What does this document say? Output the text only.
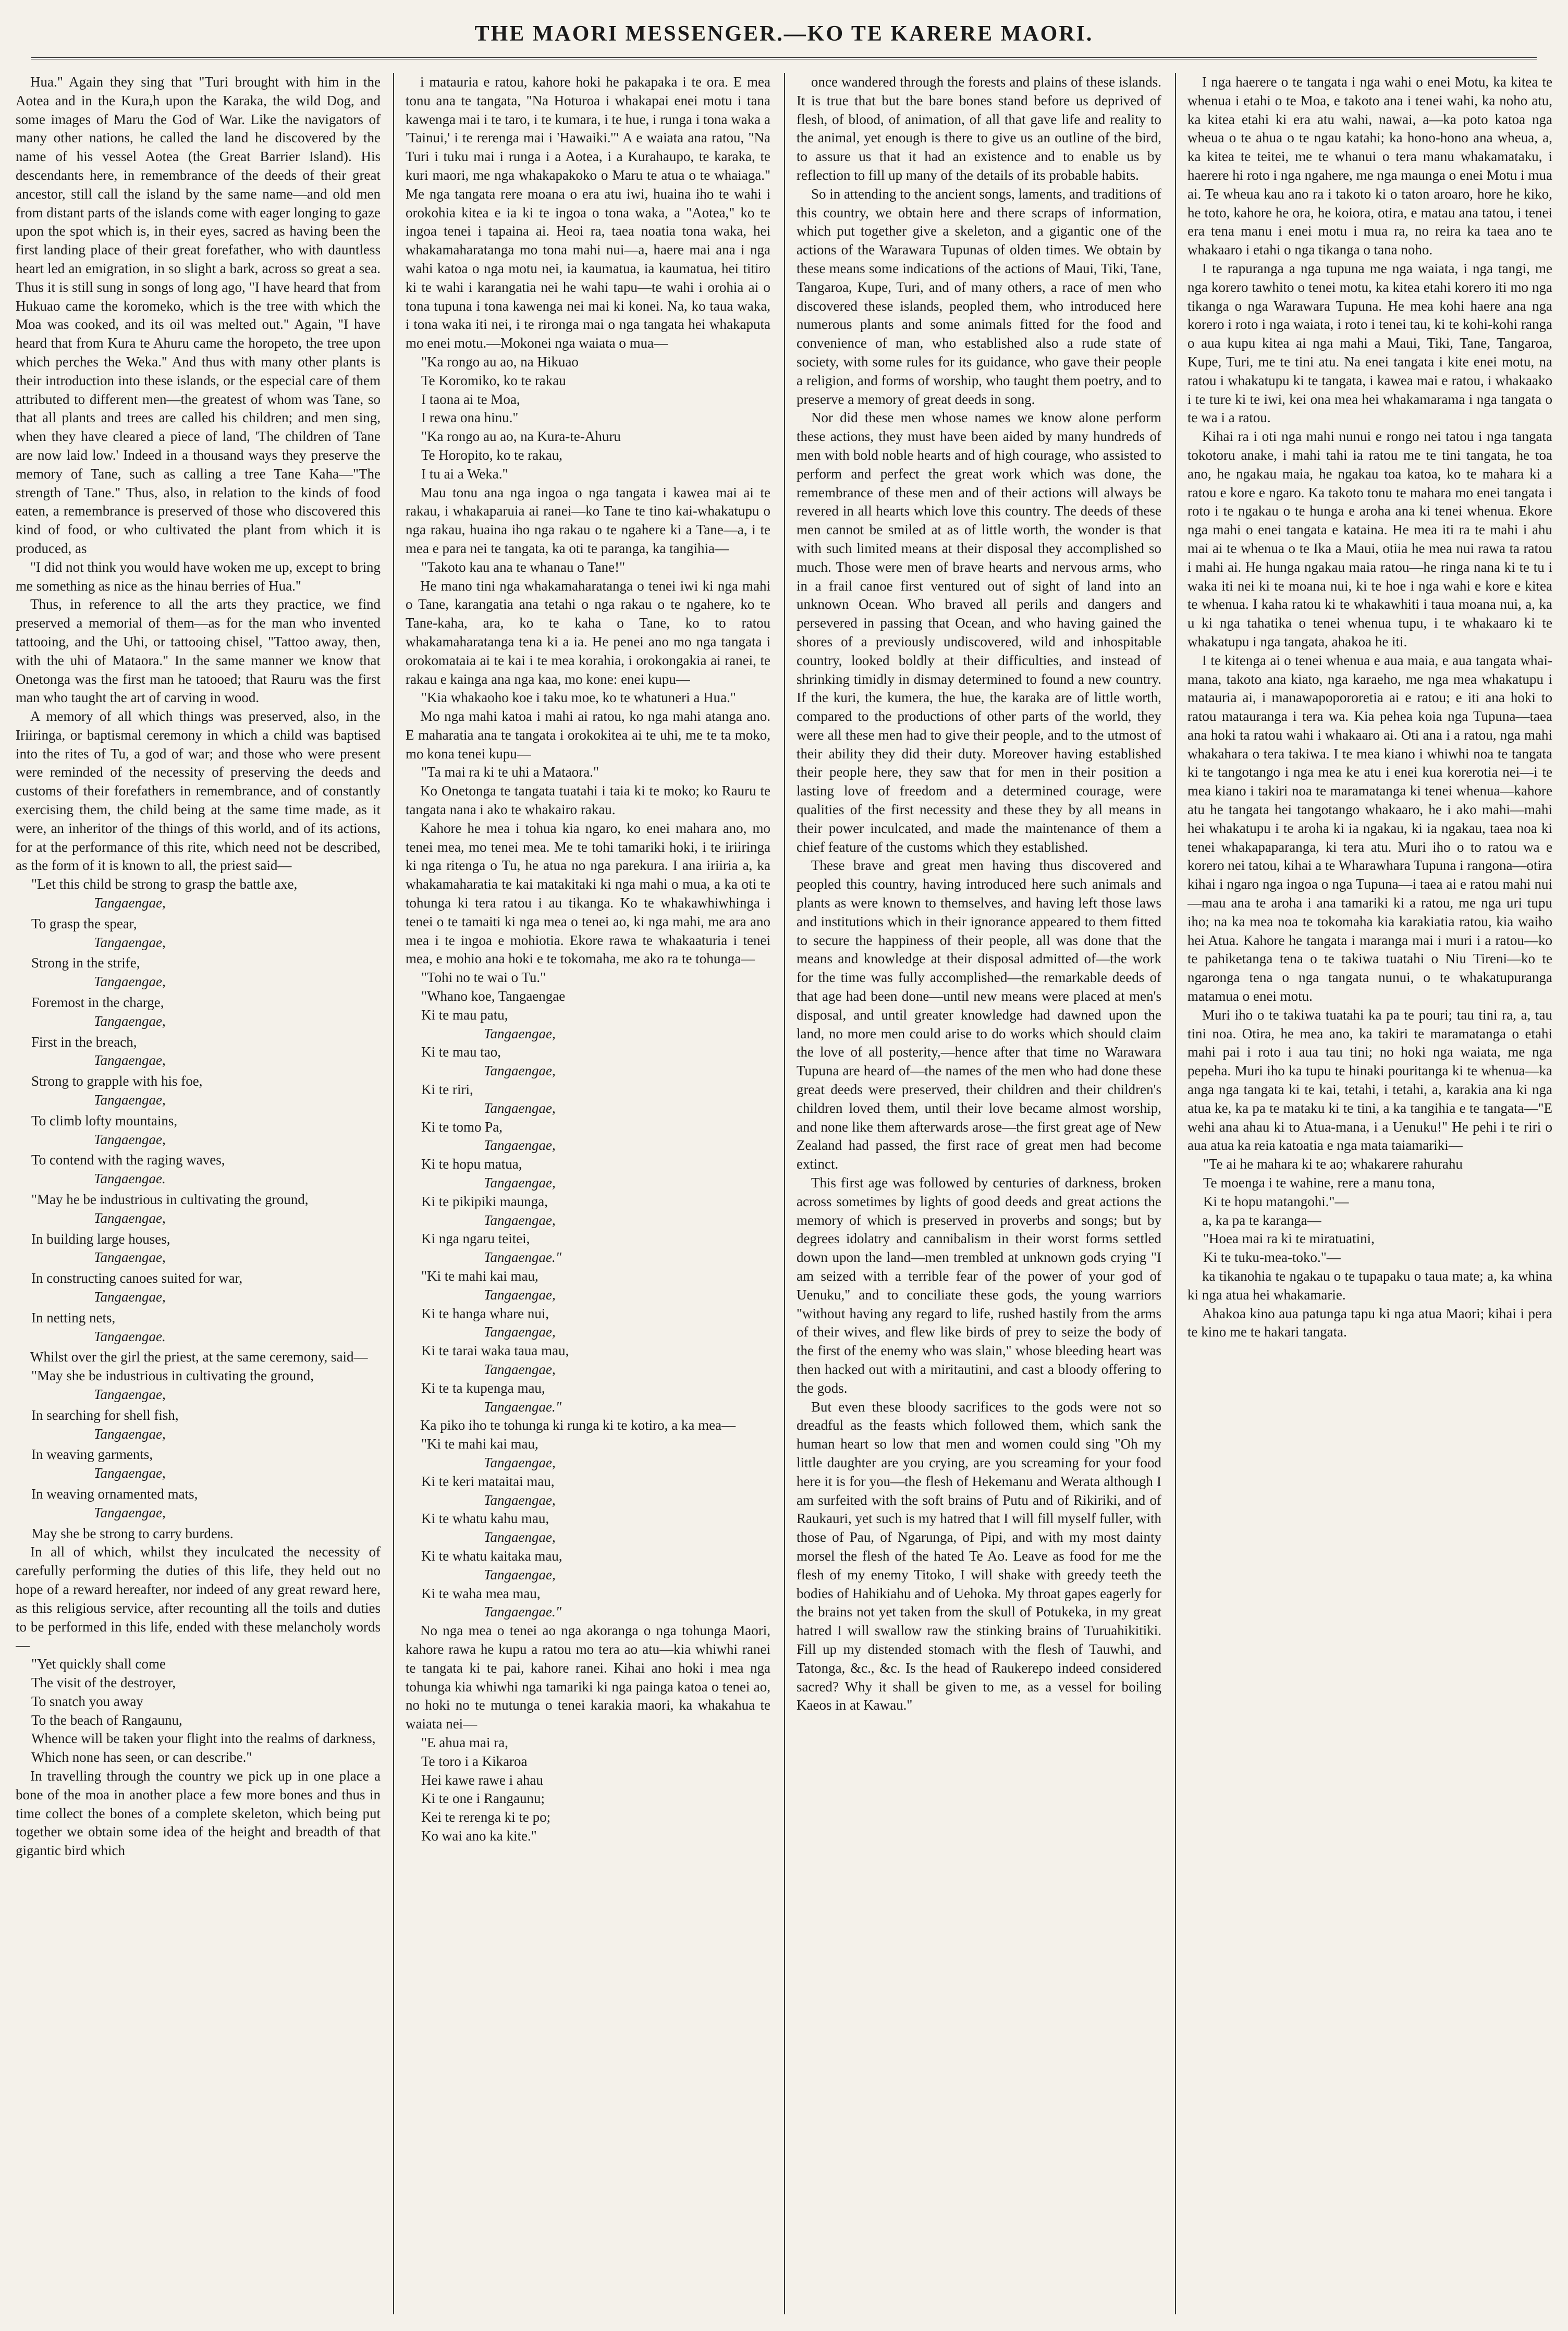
THE MAORI MESSENGER.—KO TE KARERE MAORI.

Hua." Again they sing that "Turi brought with him in the Aotea and in the Kura,h upon the Karaka, the wild Dog, and some images of Maru the God of War. Like the navigators of many other nations, he called the land he discovered by the name of his vessel Aotea (the Great Barrier Island). His descendants here, in remembrance of the deeds of their great ancestor, still call the island by the same name—and old men from distant parts of the islands come with eager longing to gaze upon the spot which is, in their eyes, sacred as having been the first landing place of their great forefather, who with dauntless heart led an emigration, in so slight a bark, across so great a sea. Thus it is still sung in songs of long ago, "I have heard that from Hukuao came the koromeko, which is the tree with which the Moa was cooked, and its oil was melted out." Again, "I have heard that from Kura te Ahuru came the horopeto, the tree upon which perches the Weka." And thus with many other plants is their introduction into these islands, or the especial care of them attributed to different men—the greatest of whom was Tane, so that all plants and trees are called his children; and men sing, when they have cleared a piece of land, 'The children of Tane are now laid low.' Indeed in a thousand ways they preserve the memory of Tane, such as calling a tree Tane Kaha—"The strength of Tane." Thus, also, in relation to the kinds of food eaten, a remembrance is preserved of those who discovered this kind of food, or who cultivated the plant from which it is produced, as

"I did not think you would have woken me up, except to bring me something as nice as the hinau berries of Hua."

Thus, in reference to all the arts they practice, we find preserved a memorial of them—as for the man who invented tattooing, and the Uhi, or tattooing chisel, "Tattoo away, then, with the uhi of Mataora." In the same manner we know that Onetonga was the first man he tatooed; that Rauru was the first man who taught the art of carving in wood.

A memory of all which things was preserved, also, in the Iriiringa, or baptismal ceremony in which a child was baptised into the rites of Tu, a god of war; and those who were present were reminded of the necessity of preserving the deeds and customs of their forefathers in remembrance, and of constantly exercising them, the child being at the same time made, as it were, an inheritor of the things of this world, and of its actions, for at the performance of this rite, which need not be described, as the form of it is known to all, the priest said—

"Let this child be strong to grasp the battle axe,

Tangaengae,

To grasp the spear,

Tangaengae,

Strong in the strife,

Tangaengae,

Foremost in the charge,

Tangaengae,

First in the breach,

Tangaengae,

Strong to grapple with his foe,

Tangaengae,

To climb lofty mountains,

Tangaengae,

To contend with the raging waves,

Tangaengae.

"May he be industrious in cultivating the ground,

Tangaengae,

In building large houses,

Tangaengae,

In constructing canoes suited for war,

Tangaengae,

In netting nets,

Tangaengae.

Whilst over the girl the priest, at the same ceremony, said—

"May she be industrious in cultivating the ground,

Tangaengae,

In searching for shell fish,

Tangaengae,

In weaving garments,

Tangaengae,

In weaving ornamented mats,

Tangaengae,

May she be strong to carry burdens.

In all of which, whilst they inculcated the necessity of carefully performing the duties of this life, they held out no hope of a reward hereafter, nor indeed of any great reward here, as this religious service, after recounting all the toils and duties to be performed in this life, ended with these melancholy words—

"Yet quickly shall come

The visit of the destroyer,

To snatch you away

To the beach of Rangaunu,

Whence will be taken your flight into the realms of darkness,

Which none has seen, or can describe."

In travelling through the country we pick up in one place a bone of the moa in another place a few more bones and thus in time collect the bones of a complete skeleton, which being put together we obtain some idea of the height and breadth of that gigantic bird which

i matauria e ratou, kahore hoki he pakapaka i te ora. E mea tonu ana te tangata, "Na Hoturoa i whakapai enei motu i tana kawenga mai i te taro, i te kumara, i te hue, i runga i tona waka a 'Tainui,' i te rerenga mai i 'Hawaiki.'" A e waiata ana ratou, "Na Turi i tuku mai i runga i a Aotea, i a Kurahaupo, te karaka, te kuri maori, me nga whakapakoko o Maru te atua o te whaiaga." Me nga tangata rere moana o era atu iwi, huaina iho te wahi i orokohia kitea e ia ki te ingoa o tona waka, a "Aotea," ko te ingoa tenei i tapaina ai. Heoi ra, taea noatia tona waka, hei whakamaharatanga mo tona mahi nui—a, haere mai ana i nga wahi katoa o nga motu nei, ia kaumatua, ia kaumatua, hei titiro ki te wahi i karangatia nei he wahi tapu—te wahi i orohia ai o tona tupuna i tona kawenga nei mai ki konei. Na, ko taua waka, i tona waka iti nei, i te rironga mai o nga tangata hei whakaputa mo enei motu.—Mokonei nga waiata o mua—

"Ka rongo au ao, na Hikuao

Te Koromiko, ko te rakau

I taona ai te Moa,

I rewa ona hinu."

"Ka rongo au ao, na Kura-te-Ahuru

Te Horopito, ko te rakau,

I tu ai a Weka."

Mau tonu ana nga ingoa o nga tangata i kawea mai ai te rakau, i whakaparuia ai ranei—ko Tane te tino kai-whakatupu o nga rakau, huaina iho nga rakau o te ngahere ki a Tane—a, i te mea e para nei te tangata, ka oti te paranga, ka tangihia—

"Takoto kau ana te whanau o Tane!"

He mano tini nga whakamaharatanga o tenei iwi ki nga mahi o Tane, karangatia ana tetahi o nga rakau o te ngahere, ko te Tane-kaha, ara, ko te kaha o Tane, ko to ratou whakamaharatanga tena ki a ia. He penei ano mo nga tangata i orokomataia ai te kai i te mea korahia, i orokongakia ai ranei, te rakau e kainga ana nga kaa, mo kone: enei kupu—

"Kia whakaoho koe i taku moe, ko te whatuneri a Hua."

Mo nga mahi katoa i mahi ai ratou, ko nga mahi atanga ano. E maharatia ana te tangata i orokokitea ai te uhi, me te ta moko, mo kona tenei kupu—

"Ta mai ra ki te uhi a Mataora."

Ko Onetonga te tangata tuatahi i taia ki te moko; ko Rauru te tangata nana i ako te whakairo rakau.

Kahore he mea i tohua kia ngaro, ko enei mahara ano, mo tenei mea, mo tenei mea. Me te tohi tamariki hoki, i te iriiringa ki nga ritenga o Tu, he atua no nga parekura. I ana iriiria a, ka whakamaharatia te kai matakitaki ki nga mahi o mua, a ka oti te tohunga ki tera ratou i au tikanga. Ko te whakawhiwhinga i tenei o te tamaiti ki nga mea o tenei ao, ki nga mahi, me ara ano mea i te ingoa e mohiotia. Ekore rawa te whakaaturia i tenei mea, e mohio ana hoki e te tokomaha, me ako ra te tohunga—

"Tohi no te wai o Tu."

"Whano koe, Tangaengae

Ki te mau patu,

Tangaengae,

Ki te mau tao,

Tangaengae,

Ki te riri,

Tangaengae,

Ki te tomo Pa,

Tangaengae,

Ki te hopu matua,

Tangaengae,

Ki te pikipiki maunga,

Tangaengae,

Ki nga ngaru teitei,

Tangaengae."

"Ki te mahi kai mau,

Tangaengae,

Ki te hanga whare nui,

Tangaengae,

Ki te tarai waka taua mau,

Tangaengae,

Ki te ta kupenga mau,

Tangaengae."

Ka piko iho te tohunga ki runga ki te kotiro, a ka mea—

"Ki te mahi kai mau,

Tangaengae,

Ki te keri mataitai mau,

Tangaengae,

Ki te whatu kahu mau,

Tangaengae,

Ki te whatu kaitaka mau,

Tangaengae,

Ki te waha mea mau,

Tangaengae."

No nga mea o tenei ao nga akoranga o nga tohunga Maori, kahore rawa he kupu a ratou mo tera ao atu—kia whiwhi ranei te tangata ki te pai, kahore ranei. Kihai ano hoki i mea nga tohunga kia whiwhi nga tamariki ki nga painga katoa o tenei ao, no hoki no te mutunga o tenei karakia maori, ka whakahua te waiata nei—

"E ahua mai ra,

Te toro i a Kikaroa

Hei kawe rawe i ahau

Ki te one i Rangaunu;

Kei te rerenga ki te po;

Ko wai ano ka kite."

once wandered through the forests and plains of these islands. It is true that but the bare bones stand before us deprived of flesh, of blood, of animation, of all that gave life and reality to the animal, yet enough is there to give us an outline of the bird, to assure us that it had an existence and to enable us by reflection to fill up many of the details of its probable habits.

So in attending to the ancient songs, laments, and traditions of this country, we obtain here and there scraps of information, which put together give a skeleton, and a gigantic one of the actions of the Warawara Tupunas of olden times. We obtain by these means some indications of the actions of Maui, Tiki, Tane, Tangaroa, Kupe, Turi, and of many others, a race of men who discovered these islands, peopled them, who introduced here numerous plants and some animals fitted for the food and convenience of man, who established also a rude state of society, with some rules for its guidance, who gave their people a religion, and forms of worship, who taught them poetry, and to preserve a memory of great deeds in song.

Nor did these men whose names we know alone perform these actions, they must have been aided by many hundreds of men with bold noble hearts and of high courage, who assisted to perform and perfect the great work which was done, the remembrance of these men and of their actions will always be revered in all hearts which love this country. The deeds of these men cannot be smiled at as of little worth, the wonder is that with such limited means at their disposal they accomplished so much. Those were men of brave hearts and nervous arms, who in a frail canoe first ventured out of sight of land into an unknown Ocean. Who braved all perils and dangers and persevered in passing that Ocean, and who having gained the shores of a previously undiscovered, wild and inhospitable country, looked boldly at their difficulties, and instead of shrinking timidly in dismay determined to found a new country. If the kuri, the kumera, the hue, the karaka are of little worth, compared to the productions of other parts of the world, they were all these men had to give their people, and to the utmost of their ability they did their duty. Moreover having established their people here, they saw that for men in their position a lasting love of freedom and a determined courage, were qualities of the first necessity and these they by all means in their power inculcated, and made the maintenance of them a chief feature of the customs which they established.

These brave and great men having thus discovered and peopled this country, having introduced here such animals and plants as were known to themselves, and having left those laws and institutions which in their ignorance appeared to them fitted to secure the happiness of their people, all was done that the means and knowledge at their disposal admitted of—the work for the time was fully accomplished—the remarkable deeds of that age had been done—until new means were placed at men's disposal, and until greater knowledge had dawned upon the land, no more men could arise to do works which should claim the love of all posterity,—hence after that time no Warawara Tupuna are heard of—the names of the men who had done these great deeds were preserved, their children and their children's children loved them, until their love became almost worship, and none like them afterwards arose—the first great age of New Zealand had passed, the first race of great men had become extinct.

This first age was followed by centuries of darkness, broken across sometimes by lights of good deeds and great actions the memory of which is preserved in proverbs and songs; but by degrees idolatry and cannibalism in their worst forms settled down upon the land—men trembled at unknown gods crying "I am seized with a terrible fear of the power of your god of Uenuku," and to conciliate these gods, the young warriors "without having any regard to life, rushed hastily from the arms of their wives, and flew like birds of prey to seize the body of the first of the enemy who was slain," whose bleeding heart was then hacked out with a miritautini, and cast a bloody offering to the gods.

But even these bloody sacrifices to the gods were not so dreadful as the feasts which followed them, which sank the human heart so low that men and women could sing "Oh my little daughter are you crying, are you screaming for your food here it is for you—the flesh of Hekemanu and Werata although I am surfeited with the soft brains of Putu and of Rikiriki, and of Raukauri, yet such is my hatred that I will fill myself fuller, with those of Pau, of Ngarunga, of Pipi, and with my most dainty morsel the flesh of the hated Te Ao. Leave as food for me the flesh of my enemy Titoko, I will shake with greedy teeth the bodies of Hahikiahu and of Uehoka. My throat gapes eagerly for the brains not yet taken from the skull of Potukeka, in my great hatred I will swallow raw the stinking brains of Turuahikitiki. Fill up my distended stomach with the flesh of Tauwhi, and Tatonga, &c., &c. Is the head of Raukerepo indeed considered sacred? Why it shall be given to me, as a vessel for boiling Kaeos in at Kawau."

I nga haerere o te tangata i nga wahi o enei Motu, ka kitea te whenua i etahi o te Moa, e takoto ana i tenei wahi, ka noho atu, ka kitea etahi ki era atu wahi, nawai, a—ka poto katoa nga wheua o te ahua o te ngau katahi; ka hono-hono ana wheua, a, ka kitea te teitei, me te whanui o tera manu whakamataku, i haerere hi roto i nga ngahere, me nga maunga o enei Motu i mua ai. Te wheua kau ano ra i takoto ki o taton aroaro, hore he kiko, he toto, kahore he ora, he koiora, otira, e matau ana tatou, i tenei era tena manu i enei motu i mua ra, no reira ka taea ano te whakaaro i etahi o nga tikanga o tana noho.

I te rapuranga a nga tupuna me nga waiata, i nga tangi, me nga korero tawhito o tenei motu, ka kitea etahi korero iti mo nga tikanga o nga Warawara Tupuna. He mea kohi haere ana nga korero i roto i nga waiata, i roto i tenei tau, ki te kohi-kohi ranga o aua kupu kitea ai nga mahi a Maui, Tiki, Tane, Tangaroa, Kupe, Turi, me te tini atu. Na enei tangata i kite enei motu, na ratou i whakatupu ki te tangata, i kawea mai e ratou, i whakaako i te ture ki te iwi, kei ona mea hei whakamarama i nga tangata o te wa i a ratou.

Kihai ra i oti nga mahi nunui e rongo nei tatou i nga tangata tokotoru anake, i mahi tahi ia ratou me te tini tangata, he toa ano, he ngakau maia, he ngakau toa katoa, ko te mahara ki a ratou e kore e ngaro. Ka takoto tonu te mahara mo enei tangata i roto i te ngakau o te hunga e aroha ana ki tenei whenua. Ekore nga mahi o enei tangata e kataina. He mea iti ra te mahi i ahu mai ai te whenua o te Ika a Maui, otiia he mea nui rawa ta ratou i mahi ai. He hunga ngakau maia ratou—he ringa nana ki te tu i waka iti nei ki te moana nui, ki te hoe i nga wahi e kore e kitea te whenua. I kaha ratou ki te whakawhiti i taua moana nui, a, ka u ki nga tahatika o tenei whenua tupu, i te whakaaro ki te whakatupu i nga tangata, ahakoa he iti.

I te kitenga ai o tenei whenua e aua maia, e aua tangata whai-mana, takoto ana kiato, nga karaeho, me nga mea whakatupu i matauria ai, i manawapopororetia ai e ratou; e iti ana hoki to ratou matauranga i tera wa. Kia pehea koia nga Tupuna—taea ana hoki ta ratou wahi i whakaaro ai. Oti ana i a ratou, nga mahi whakahara o tera takiwa. I te mea kiano i whiwhi noa te tangata ki te tangotango i nga mea ke atu i enei kua korerotia nei—i te mea kiano i takiri noa te maramatanga ki tenei whenua—kahore atu he tangata hei tangotango whakaaro, he i ako mahi—mahi hei whakatupu i te aroha ki ia ngakau, ki ia ngakau, taea noa ki tenei whakapaparanga, ki tera atu. Muri iho o to ratou wa e korero nei tatou, kihai a te Wharawhara Tupuna i rangona—otira kihai i ngaro nga ingoa o nga Tupuna—i taea ai e ratou mahi nui—mau ana te aroha i ana tamariki ki a ratou, me nga uri tupu iho; na ka mea noa te tokomaha kia karakiatia ratou, kia waiho hei Atua. Kahore he tangata i maranga mai i muri i a ratou—ko te pahiketanga tena o te takiwa tuatahi o Niu Tireni—ko te ngaronga tena o nga tangata nunui, o te whakatupuranga matamua o enei motu.

Muri iho o te takiwa tuatahi ka pa te pouri; tau tini ra, a, tau tini noa. Otira, he mea ano, ka takiri te maramatanga o etahi mahi pai i roto i aua tau tini; no hoki nga waiata, me nga pepeha. Muri iho ka tupu te hinaki pouritanga ki te whenua—ka anga nga tangata ki te kai, tetahi, i tetahi, a, karakia ana ki nga atua ke, ka pa te mataku ki te tini, a ka tangihia e te tangata—"E wehi ana ahau ki to Atua-mana, i a Uenuku!" He pehi i te riri o aua atua ka reia katoatia e nga mata taiamariki—

"Te ai he mahara ki te ao; whakarere rahurahu

Te moenga i te wahine, rere a manu tona,

Ki te hopu matangohi."—

a, ka pa te karanga—

"Hoea mai ra ki te miratuatini,

Ki te tuku-mea-toko."—

ka tikanohia te ngakau o te tupapaku o taua mate; a, ka whina ki nga atua hei whakamarie.

Ahakoa kino aua patunga tapu ki nga atua Maori; kihai i pera te kino me te hakari tangata.
